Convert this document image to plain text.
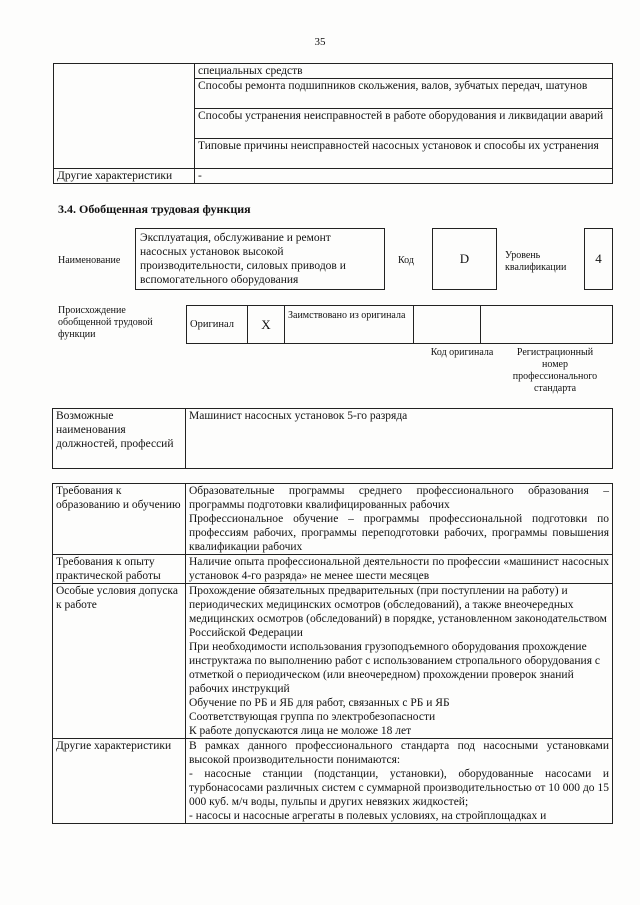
35
	специальных средств
	Способы ремонта подшипников скольжения, валов, зубчатых передач, шатунов
	Способы устранения неисправностей в работе оборудования и ликвидации аварий
	Типовые причины неисправностей насосных установок и способы их устранения
Другие характеристики	-
3.4. Обобщенная трудовая функция
Наименование
Эксплуатация, обслуживание и ремонт насосных установок высокой производительности, силовых приводов и вспомогательного оборудования
Код	D	Уровень квалификации
4
Происхождение обобщенной трудовой функции
Оригинал	X	Заимствовано из оригинала		
Код оригинала	Регистрационный номер профессионального стандарта
Возможные наименования должностей, профессий	Машинист насосных установок 5-го разряда
Требования к образованию и обучению	Образовательные программы среднего профессионального образования – программы подготовки квалифицированных рабочих
Профессиональное обучение – программы профессиональной подготовки по профессиям рабочих, программы переподготовки рабочих, программы повышения квалификации рабочих

Требования к опыту практической работы	Наличие опыта профессиональной деятельности по профессии «машинист насосных установок 4-го разряда» не менее шести месяцев
Особые условия допуска к работе	Прохождение обязательных предварительных (при поступлении на работу) и периодических медицинских осмотров (обследований), а также внеочередных медицинских осмотров (обследований) в порядке, установленном законодательством Российской Федерации
При необходимости использования грузоподъемного оборудования прохождение инструктажа по выполнению работ с использованием стропального оборудования с отметкой о периодическом (или внеочередном) прохождении проверок знаний рабочих инструкций
Обучение по РБ и ЯБ для работ, связанных с РБ и ЯБ
Соответствующая группа по электробезопасности
К работе допускаются лица не моложе 18 лет

Другие характеристики	В рамках данного профессионального стандарта под насосными установками высокой производительности понимаются:
- насосные станции (подстанции, установки), оборудованные насосами и турбонасосами различных систем с суммарной производительностью от 10 000 до 15 000 куб. м/ч воды, пульпы и других невязких жидкостей;
- насосы и насосные агрегаты в полевых условиях, на стройплощадках и
